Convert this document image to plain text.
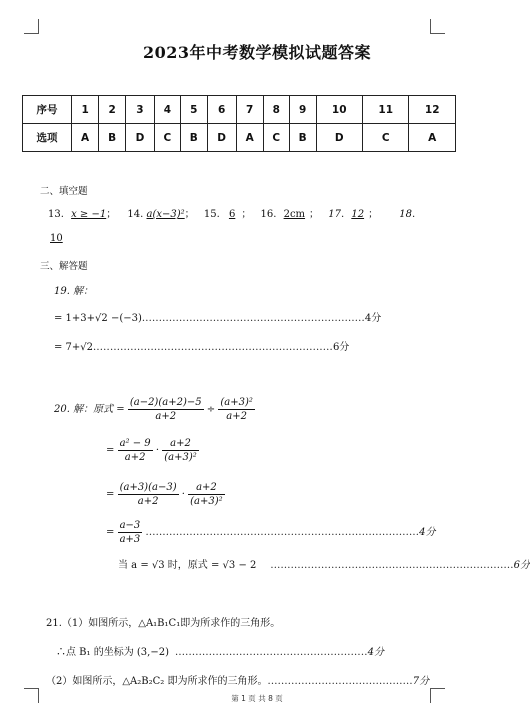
2023年中考数学模拟试题答案
序号	1	2	3	4	5	6	7	8	9	10	11	12
选项	A	B	D	C	B	D	A	C	B	D	C	A
二、填空题
13. x ≥ −1； 14. a(x−3)²； 15. 6 ； 16. 2cm ； 17. 12 ； 18.
10
三、解答题
19. 解：
= 1+3+√2 −(−3)..................................................................4分
= 7+√2.......................................................................6分
20. 解：原式 = $\frac{(a-2)(a+2)-5}{a+2} \div \frac{\text{(a+3)²}}{a+2}$
= $\frac{\text{a² − 9}}{a+2} \cdot \frac{a+2}{\text{(a+3)²}}$
= $\frac{(a+3)(a-3)}{a+2} \cdot \frac{a+2}{\text{(a+3)²}}$
= $\frac{a-3}{a+3} .................................................................................4$分
当 a = √3 时，原式 = √3 − 2 ........................................................................6分
21.（1）如图所示，△A₁B₁C₁即为所求作的三角形。
∴点 B₁ 的坐标为 (3,−2) .........................................................4分
（2）如图所示，△A₂B₂C₂ 即为所求作的三角形。...........................................7分
第 1 页 共 8 页
